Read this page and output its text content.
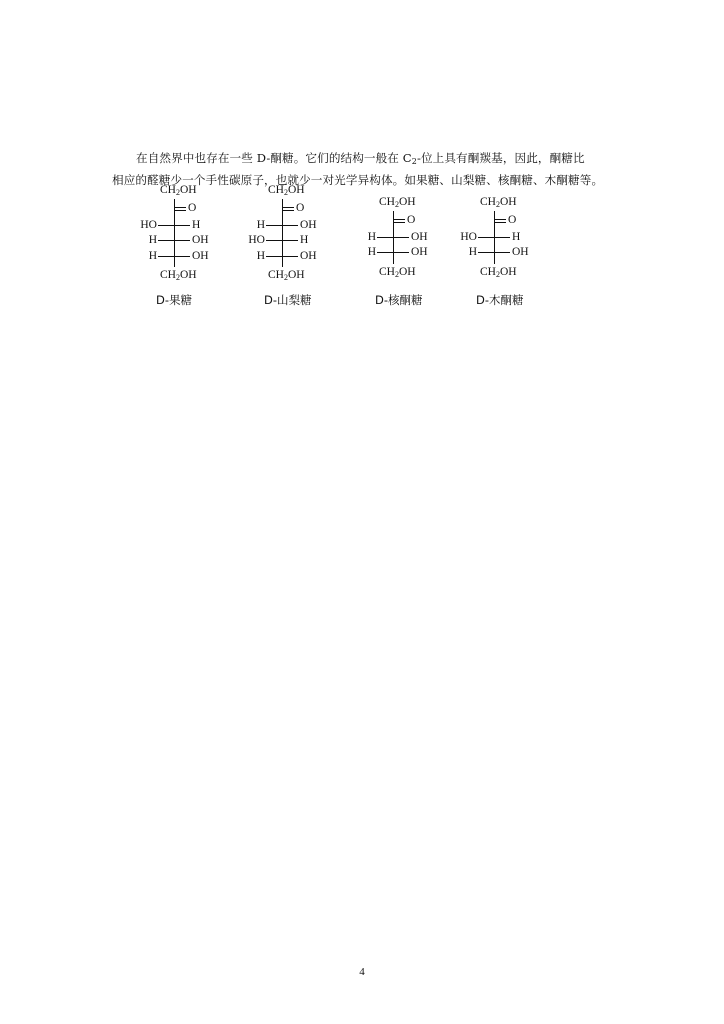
在自然界中也存在一些 D-酮糖。它们的结构一般在 $C_2-$位上具有酮羰基，因此，酮糖比
相应的醛糖少一个手性碳原子，也就少一对光学异构体。如果糖、山梨糖、核酮糖、木酮糖等。
CH2OH
O
HO	H
H	OH
H	OH
CH2OH
D-果糖
CH2OH
O
H	OH
HO	H
H	OH
CH2OH
D-山梨糖
CH2OH
O
H	OH
H	OH
CH2OH
D-核酮糖
CH2OH
O
HO	H
H	OH
CH2OH
D-木酮糖
4
